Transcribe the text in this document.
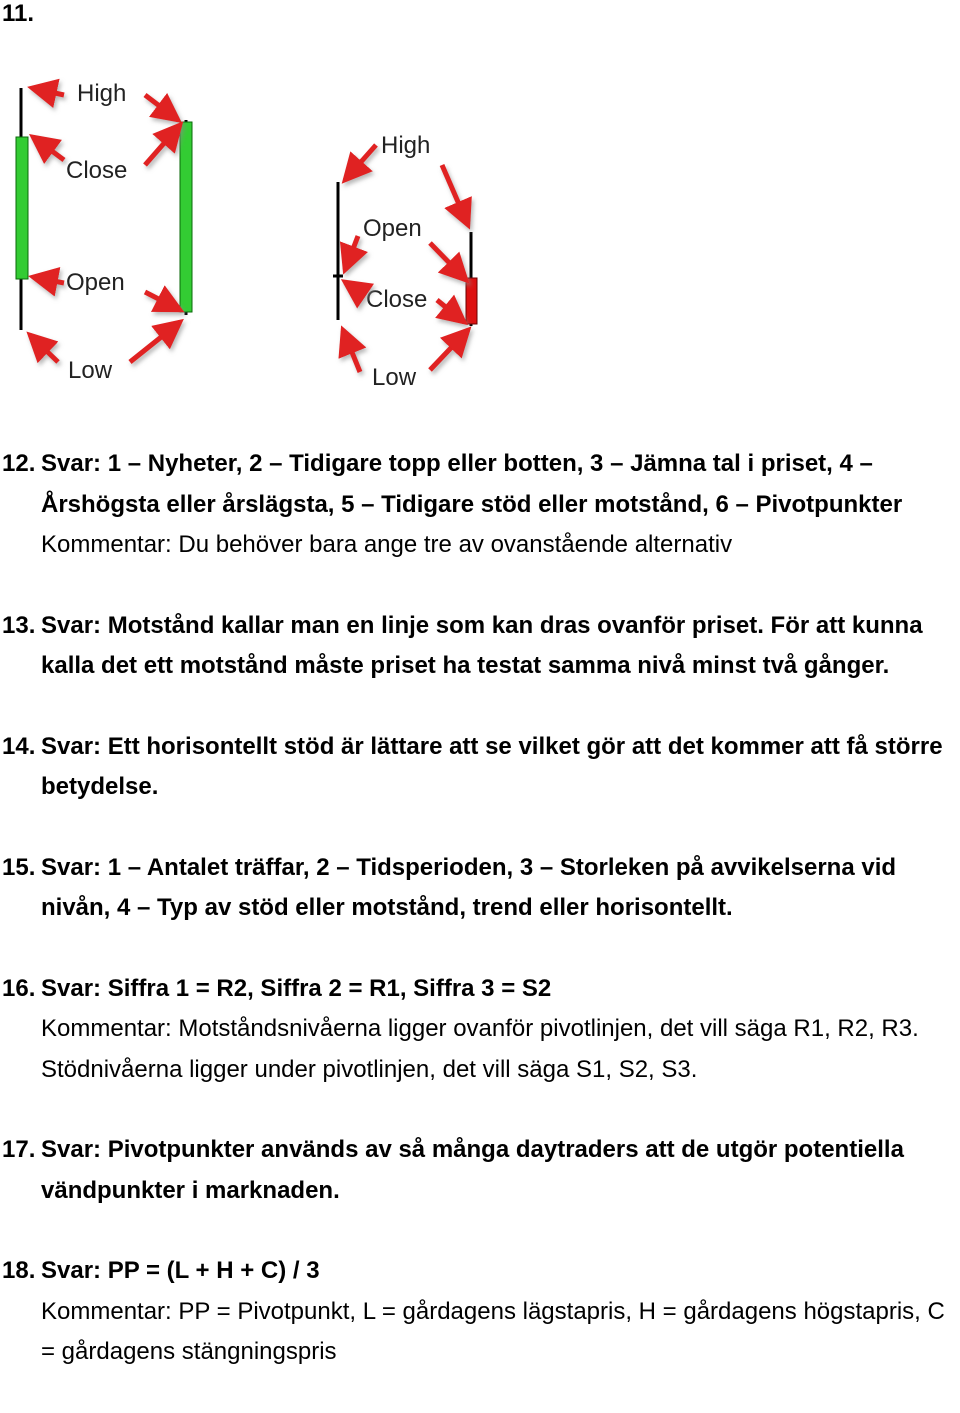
11.
High
Close
Open
Low
High
Open
Close
Low
12. Svar: 1 – Nyheter, 2 – Tidigare topp eller botten, 3 – Jämna tal i priset, 4 – Årshögsta eller årslägsta, 5 – Tidigare stöd eller motstånd, 6 – Pivotpunkter
Kommentar: Du behöver bara ange tre av ovanstående alternativ
13. Svar: Motstånd kallar man en linje som kan dras ovanför priset. För att kunna kalla det ett motstånd måste priset ha testat samma nivå minst två gånger.
14. Svar: Ett horisontellt stöd är lättare att se vilket gör att det kommer att få större betydelse.
15. Svar: 1 – Antalet träffar, 2 – Tidsperioden, 3 – Storleken på avvikelserna vid nivån, 4 – Typ av stöd eller motstånd, trend eller horisontellt.
16. Svar: Siffra 1 = R2, Siffra 2 = R1, Siffra 3 = S2
Kommentar: Motståndsnivåerna ligger ovanför pivotlinjen, det vill säga R1, R2, R3. Stödnivåerna ligger under pivotlinjen, det vill säga S1, S2, S3.
17. Svar: Pivotpunkter används av så många daytraders att de utgör potentiella vändpunkter i marknaden.
18. Svar: PP = (L + H + C) / 3
Kommentar: PP = Pivotpunkt, L = gårdagens lägstapris, H = gårdagens högstapris, C = gårdagens stängningspris
